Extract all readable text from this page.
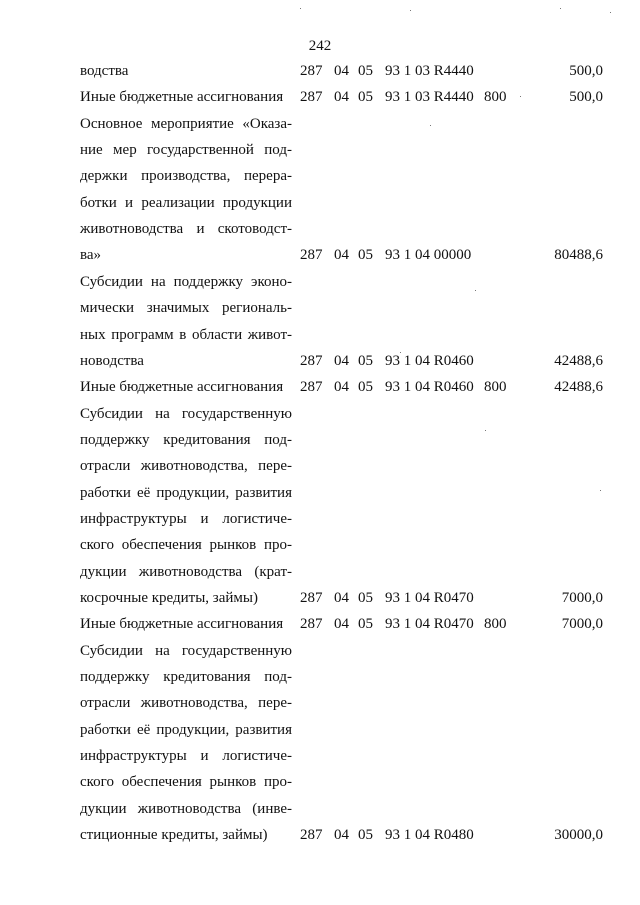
242
водства	287 04 05 93 1 03 R4440	500,0
Иные бюджетные ассигнования	287 04 05 93 1 03 R4440 800	500,0
Основное мероприятие «Оказа-
ние мер государственной под-
держки производства, перера-
ботки и реализации продукции
животноводства и скотоводст-
ва»	287 04 05 93 1 04 00000	80488,6
Субсидии на поддержку эконо-
мически значимых региональ-
ных программ в области живот-
новодства	287 04 05 93 1 04 R0460	42488,6
Иные бюджетные ассигнования	287 04 05 93 1 04 R0460 800	42488,6
Субсидии на государственную
поддержку кредитования под-
отрасли животноводства, пере-
работки её продукции, развития
инфраструктуры и логистиче-
ского обеспечения рынков про-
дукции животноводства (крат-
косрочные кредиты, займы)	287 04 05 93 1 04 R0470	7000,0
Иные бюджетные ассигнования	287 04 05 93 1 04 R0470 800	7000,0
Субсидии на государственную
поддержку кредитования под-
отрасли животноводства, пере-
работки её продукции, развития
инфраструктуры и логистиче-
ского обеспечения рынков про-
дукции животноводства (инве-
стиционные кредиты, займы)	287 04 05 93 1 04 R0480	30000,0
